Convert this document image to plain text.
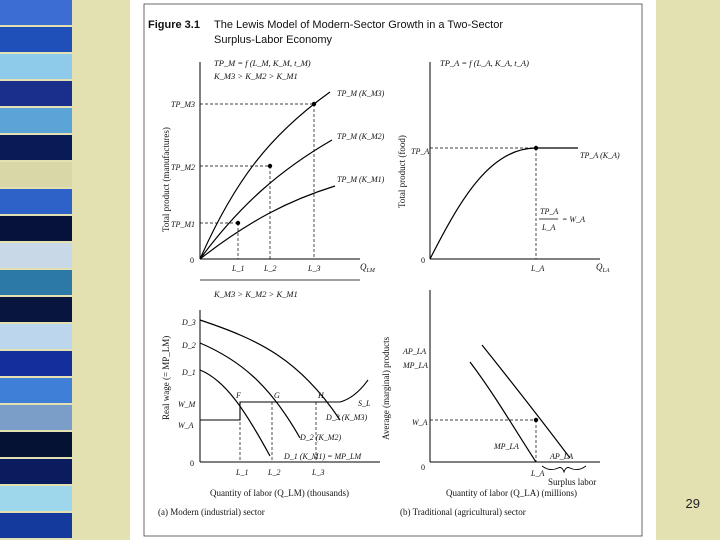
Figure 3.1 The Lewis Model of Modern-Sector Growth in a Two-Sector
Surplus-Labor Economy
Total product (manufactures)
TP_M = f (L_M, K_M, t_M)
K_M3 > K_M2 > K_M1
TP_M3
TP_M2
TP_M1
0
L_1 L_2	L_3	$Q_{LM}$
TP_M (K_M3)
TP_M (K_M2)
TP_M (K_M1) Total product (food)
TP_A = f (L_A, K_A, t_A)
TP_A
0
L_A	$Q_{LA}$
TP_A (K_A)
TP_A
L_A
= W_A
Real wage (= MP_LM)
K_M3 > K_M2 > K_M1
D_3
D_2
D_1
W_M
W_A
0
F	G	H
S_L
D_3 (K_M3)
D_2 (K_M2)
D_1 (K_M1) = MP_LM
L_1 L_2	L_3
Quantity of labor (Q_LM) (thousands)
(a) Modern (industrial) sector
Average (marginal) products AP_LA
MP_LA
W_A
0
MP_LA
AP_LA
L_A
Surplus labor
Quantity of labor (Q_LA) (millions)
(b) Traditional (agricultural) sector
29
